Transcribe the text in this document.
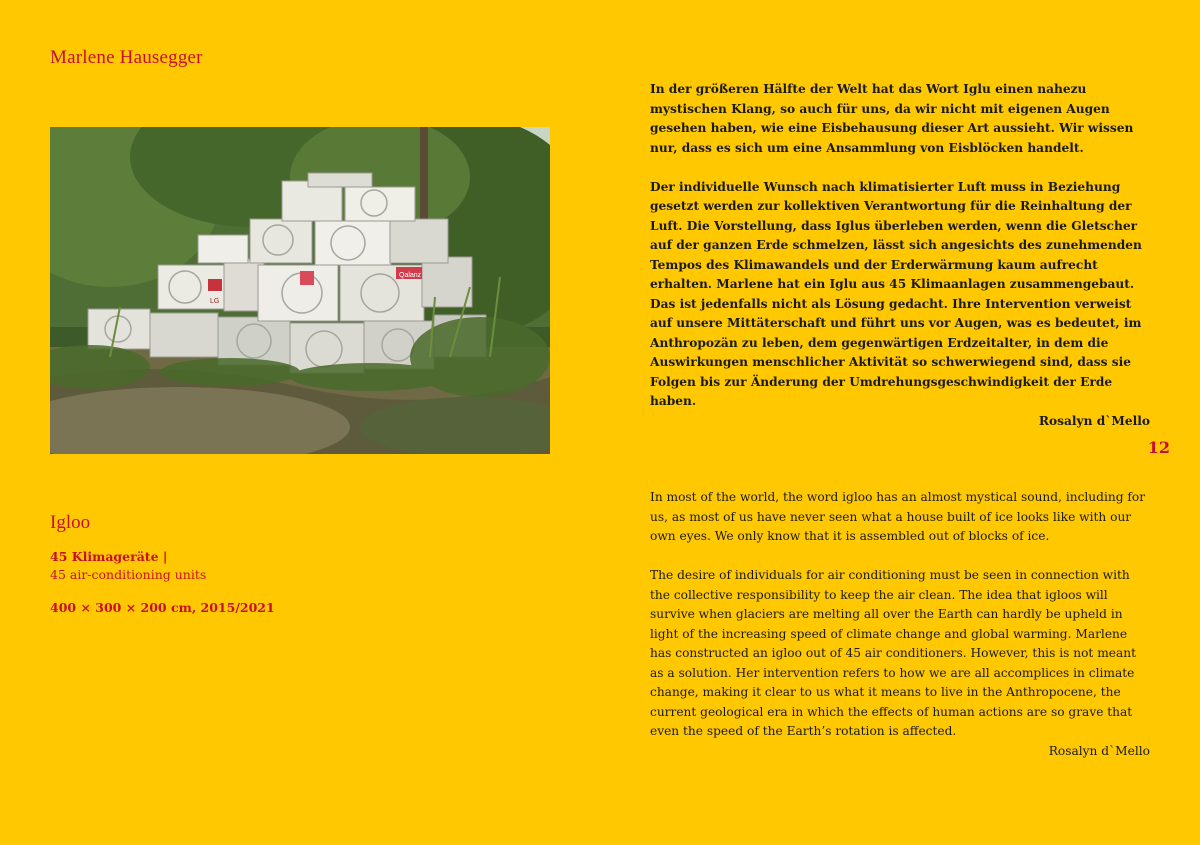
Marlene Hausegger
Qalanz
LG
Igloo
45 Klimageräte |
45 air-conditioning units
400 × 300 × 200 cm, 2015/2021

In der größeren Hälfte der Welt hat das Wort Iglu einen nahezu mystischen Klang, so auch für uns, da wir nicht mit eigenen Augen gesehen haben, wie eine Eisbehausung dieser Art aussieht. Wir wissen nur, dass es sich um eine Ansammlung von Eisblöcken handelt.

Der individuelle Wunsch nach klimatisierter Luft muss in Beziehung gesetzt werden zur kollektiven Verantwortung für die Reinhaltung der Luft. Die Vorstellung, dass Iglus überleben werden, wenn die Gletscher auf der ganzen Erde schmelzen, lässt sich angesichts des zunehmenden Tempos des Klimawandels und der Erderwärmung kaum aufrecht erhalten. Marlene hat ein Iglu aus 45 Klimaanlagen zusammengebaut. Das ist jedenfalls nicht als Lösung gedacht. Ihre Intervention verweist auf unsere Mittäterschaft und führt uns vor Augen, was es bedeutet, im Anthropozän zu leben, dem gegenwärtigen Erdzeitalter, in dem die Auswirkungen menschlicher Aktivität so schwerwiegend sind, dass sie Folgen bis zur Änderung der Umdrehungsgeschwindigkeit der Erde haben.

Rosalyn d`Mello
12

In most of the world, the word igloo has an almost mystical sound, including for us, as most of us have never seen what a house built of ice looks like with our own eyes. We only know that it is assembled out of blocks of ice.

The desire of individuals for air conditioning must be seen in connection with the collective responsibility to keep the air clean. The idea that igloos will survive when glaciers are melting all over the Earth can hardly be upheld in light of the increasing speed of climate change and global warming. Marlene has constructed an igloo out of 45 air conditioners. However, this is not meant as a solution. Her intervention refers to how we are all accomplices in climate change, making it clear to us what it means to live in the Anthropocene, the current geological era in which the effects of human actions are so grave that even the speed of the Earth’s rotation is affected.

Rosalyn d`Mello
